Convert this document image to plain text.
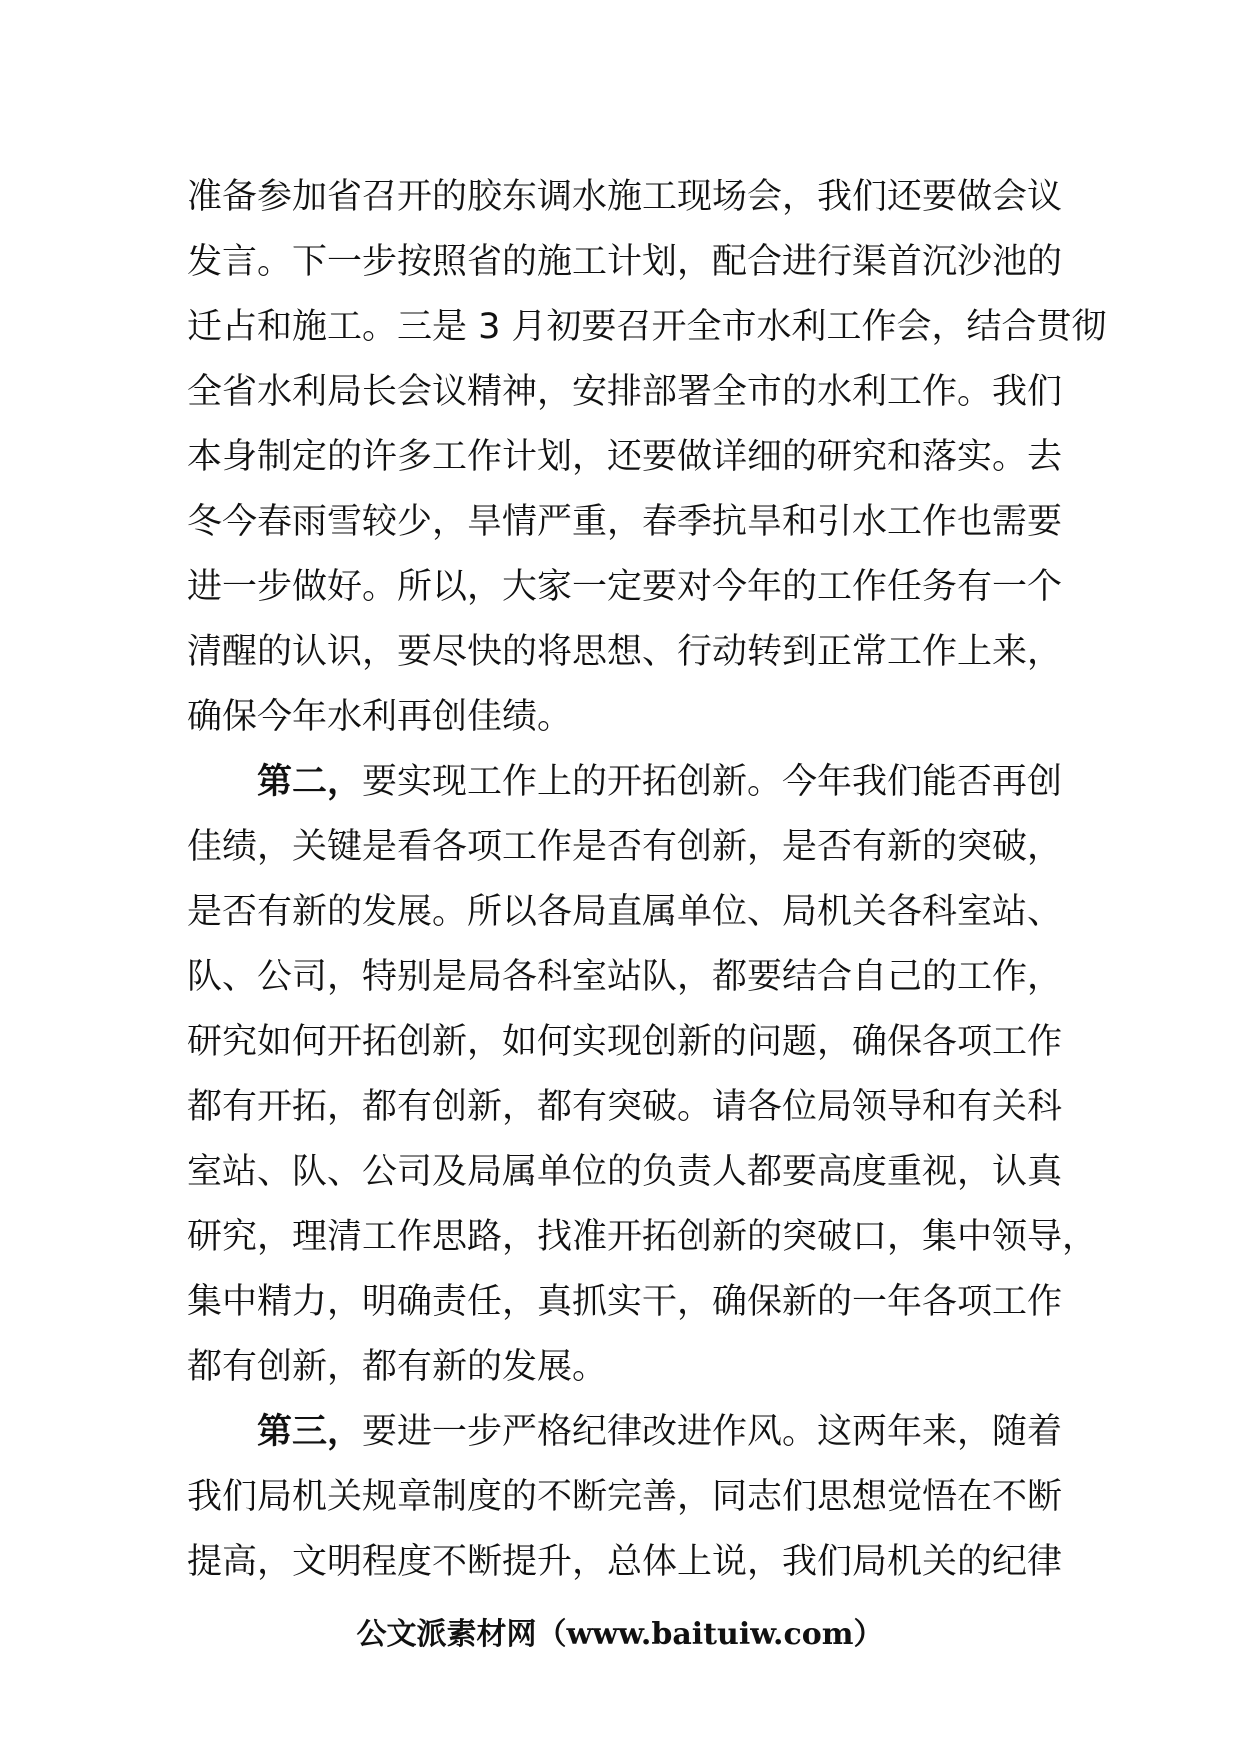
准备参加省召开的胶东调水施工现场会，我们还要做会议
发言。下一步按照省的施工计划，配合进行渠首沉沙池的
迁占和施工。三是 3 月初要召开全市水利工作会，结合贯彻
全省水利局长会议精神，安排部署全市的水利工作。我们
本身制定的许多工作计划，还要做详细的研究和落实。去
冬今春雨雪较少，旱情严重，春季抗旱和引水工作也需要
进一步做好。所以，大家一定要对今年的工作任务有一个
清醒的认识，要尽快的将思想、行动转到正常工作上来，
确保今年水利再创佳绩。

第二，要实现工作上的开拓创新。今年我们能否再创
佳绩，关键是看各项工作是否有创新，是否有新的突破，
是否有新的发展。所以各局直属单位、局机关各科室站、
队、公司，特别是局各科室站队，都要结合自己的工作，
研究如何开拓创新，如何实现创新的问题，确保各项工作
都有开拓，都有创新，都有突破。请各位局领导和有关科
室站、队、公司及局属单位的负责人都要高度重视，认真
研究，理清工作思路，找准开拓创新的突破口，集中领导，
集中精力，明确责任，真抓实干，确保新的一年各项工作
都有创新，都有新的发展。

第三，要进一步严格纪律改进作风。这两年来，随着
我们局机关规章制度的不断完善，同志们思想觉悟在不断
提高，文明程度不断提升，总体上说，我们局机关的纪律

公文派素材网（www.baituiw.com）
